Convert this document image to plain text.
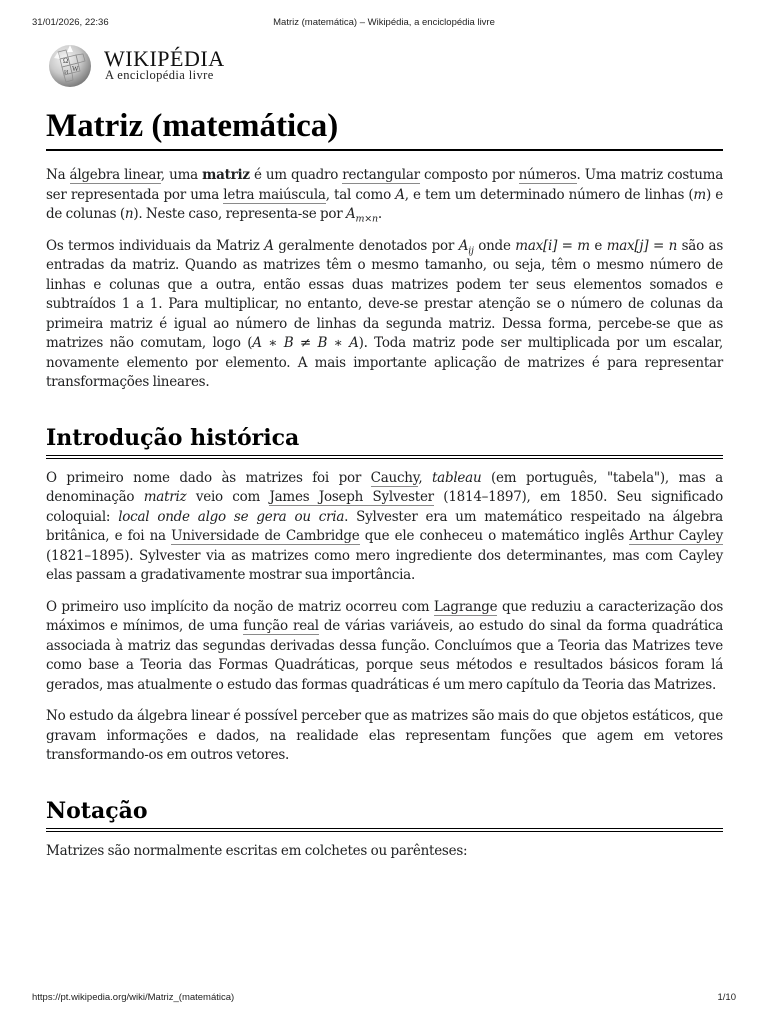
31/01/2026, 22:36	Matriz (matemática) – Wikipédia, a enciclopédia livre
Ω
W
И
WIKIPÉDIA
A enciclopédia livre
Matriz (matemática)

Na álgebra linear, uma matriz é um quadro rectangular composto por números. Uma matriz costuma ser representada por uma letra maiúscula, tal como A, e tem um determinado número de linhas (m) e de colunas (n). Neste caso, representa-se por $A_{m\times n}$.

Os termos individuais da Matriz A geralmente denotados por $A_{ij}$ onde max[i] = m e max[j] = n são as entradas da matriz. Quando as matrizes têm o mesmo tamanho, ou seja, têm o mesmo número de linhas e colunas que a outra, então essas duas matrizes podem ter seus elementos somados e subtraídos 1 a 1. Para multiplicar, no entanto, deve-se prestar atenção se o número de colunas da primeira matriz é igual ao número de linhas da segunda matriz. Dessa forma, percebe-se que as matrizes não comutam, logo (A ∗ B ≠ B ∗ A). Toda matriz pode ser multiplicada por um escalar, novamente elemento por elemento. A mais importante aplicação de matrizes é para representar transformações lineares.

Introdução histórica

O primeiro nome dado às matrizes foi por Cauchy, tableau (em português, "tabela"), mas a denominação matriz veio com James Joseph Sylvester (1814–1897), em 1850. Seu significado coloquial: local onde algo se gera ou cria. Sylvester era um matemático respeitado na álgebra britânica, e foi na Universidade de Cambridge que ele conheceu o matemático inglês Arthur Cayley (1821–1895). Sylvester via as matrizes como mero ingrediente dos determinantes, mas com Cayley elas passam a gradativamente mostrar sua importância.

O primeiro uso implícito da noção de matriz ocorreu com Lagrange que reduziu a caracterização dos máximos e mínimos, de uma função real de várias variáveis, ao estudo do sinal da forma quadrática associada à matriz das segundas derivadas dessa função. Concluímos que a Teoria das Matrizes teve como base a Teoria das Formas Quadráticas, porque seus métodos e resultados básicos foram lá gerados, mas atualmente o estudo das formas quadráticas é um mero capítulo da Teoria das Matrizes.

No estudo da álgebra linear é possível perceber que as matrizes são mais do que objetos estáticos, que gravam informações e dados, na realidade elas representam funções que agem em vetores transformando-os em outros vetores.

Notação

Matrizes são normalmente escritas em colchetes ou parênteses:

https://pt.wikipedia.org/wiki/Matriz_(matemática)	1/10
